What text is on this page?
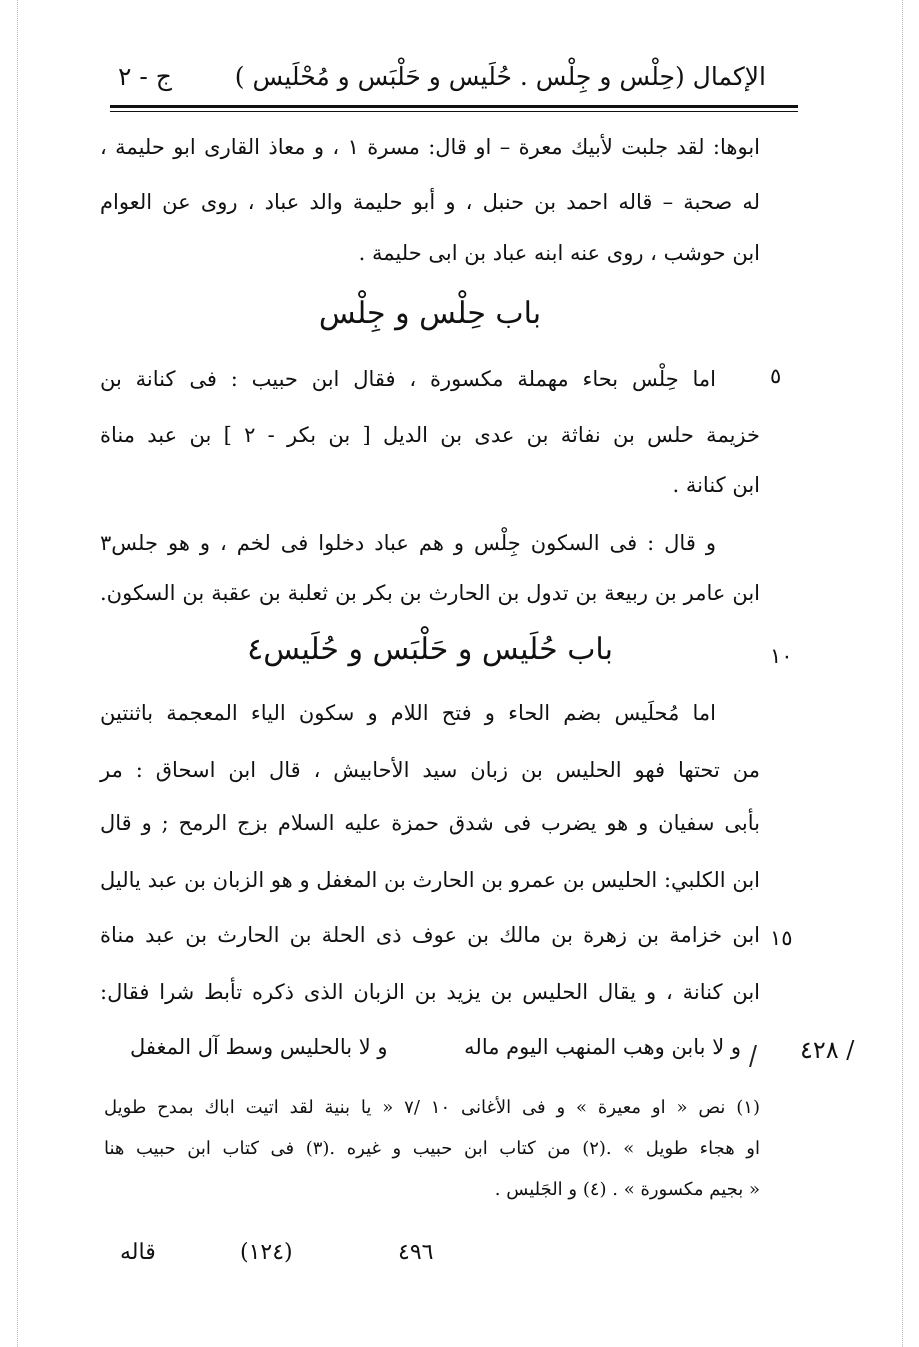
الإكمال (حِلْس و جِلْس . حُلَيس و حَلْبَس و مُحْلَيس )
ج - ٢
ابوها: لقد جلبت لأبيك معرة – او قال: مسرة ١ ، و معاذ القارى ابو حليمة ،
له صحبة – قاله احمد بن حنبل ، و أبو حليمة والد عباد ، روى عن العوام
ابن حوشب ، روى عنه ابنه عباد بن ابى حليمة .
باب حِلْس و جِلْس
اما حِلْس بحاء مهملة مكسورة ، فقال ابن حبيب : فى كنانة بن	٥
خزيمة حلس بن نفاثة بن عدى بن الديل [ بن بكر - ٢ ] بن عبد مناة
ابن كنانة .
و قال : فى السكون جِلْس و هم عباد دخلوا فى لخم ، و هو جلس٣
ابن عامر بن ربيعة بن تدول بن الحارث بن بكر بن ثعلبة بن عقبة بن السكون.
باب حُلَيس و حَلْبَس و حُلَيس٤	١٠
اما مُحلَيس بضم الحاء و فتح اللام و سكون الياء المعجمة باثنتين
من تحتها فهو الحليس بن زبان سيد الأحابيش ، قال ابن اسحاق : مر
بأبى سفيان و هو يضرب فى شدق حمزة عليه السلام بزج الرمح ; و قال
ابن الكلبي: الحليس بن عمرو بن الحارث بن المغفل و هو الزبان بن عبد ياليل
ابن خزامة بن زهرة بن مالك بن عوف ذى الحلة بن الحارث بن عبد مناة ١٥
ابن كنانة ، و يقال الحليس بن يزيد بن الزبان الذى ذكره تأبط شرا فقال:
و لا بابن وهب المنهب اليوم ماله
و لا بالحليس وسط آل المغفل	٤٢٨ /
(١) نص « او معيرة » و فى الأغانى ١٠ /٧ « يا بنية لقد اتيت اباك بمدح طويل
او هجاء طويل » .(٢) من كتاب ابن حبيب و غيره .(٣) فى كتاب ابن حبيب هنا
« بجيم مكسورة » . (٤) و الجَليس .
٤٩٦
(١٢٤)
قاله
